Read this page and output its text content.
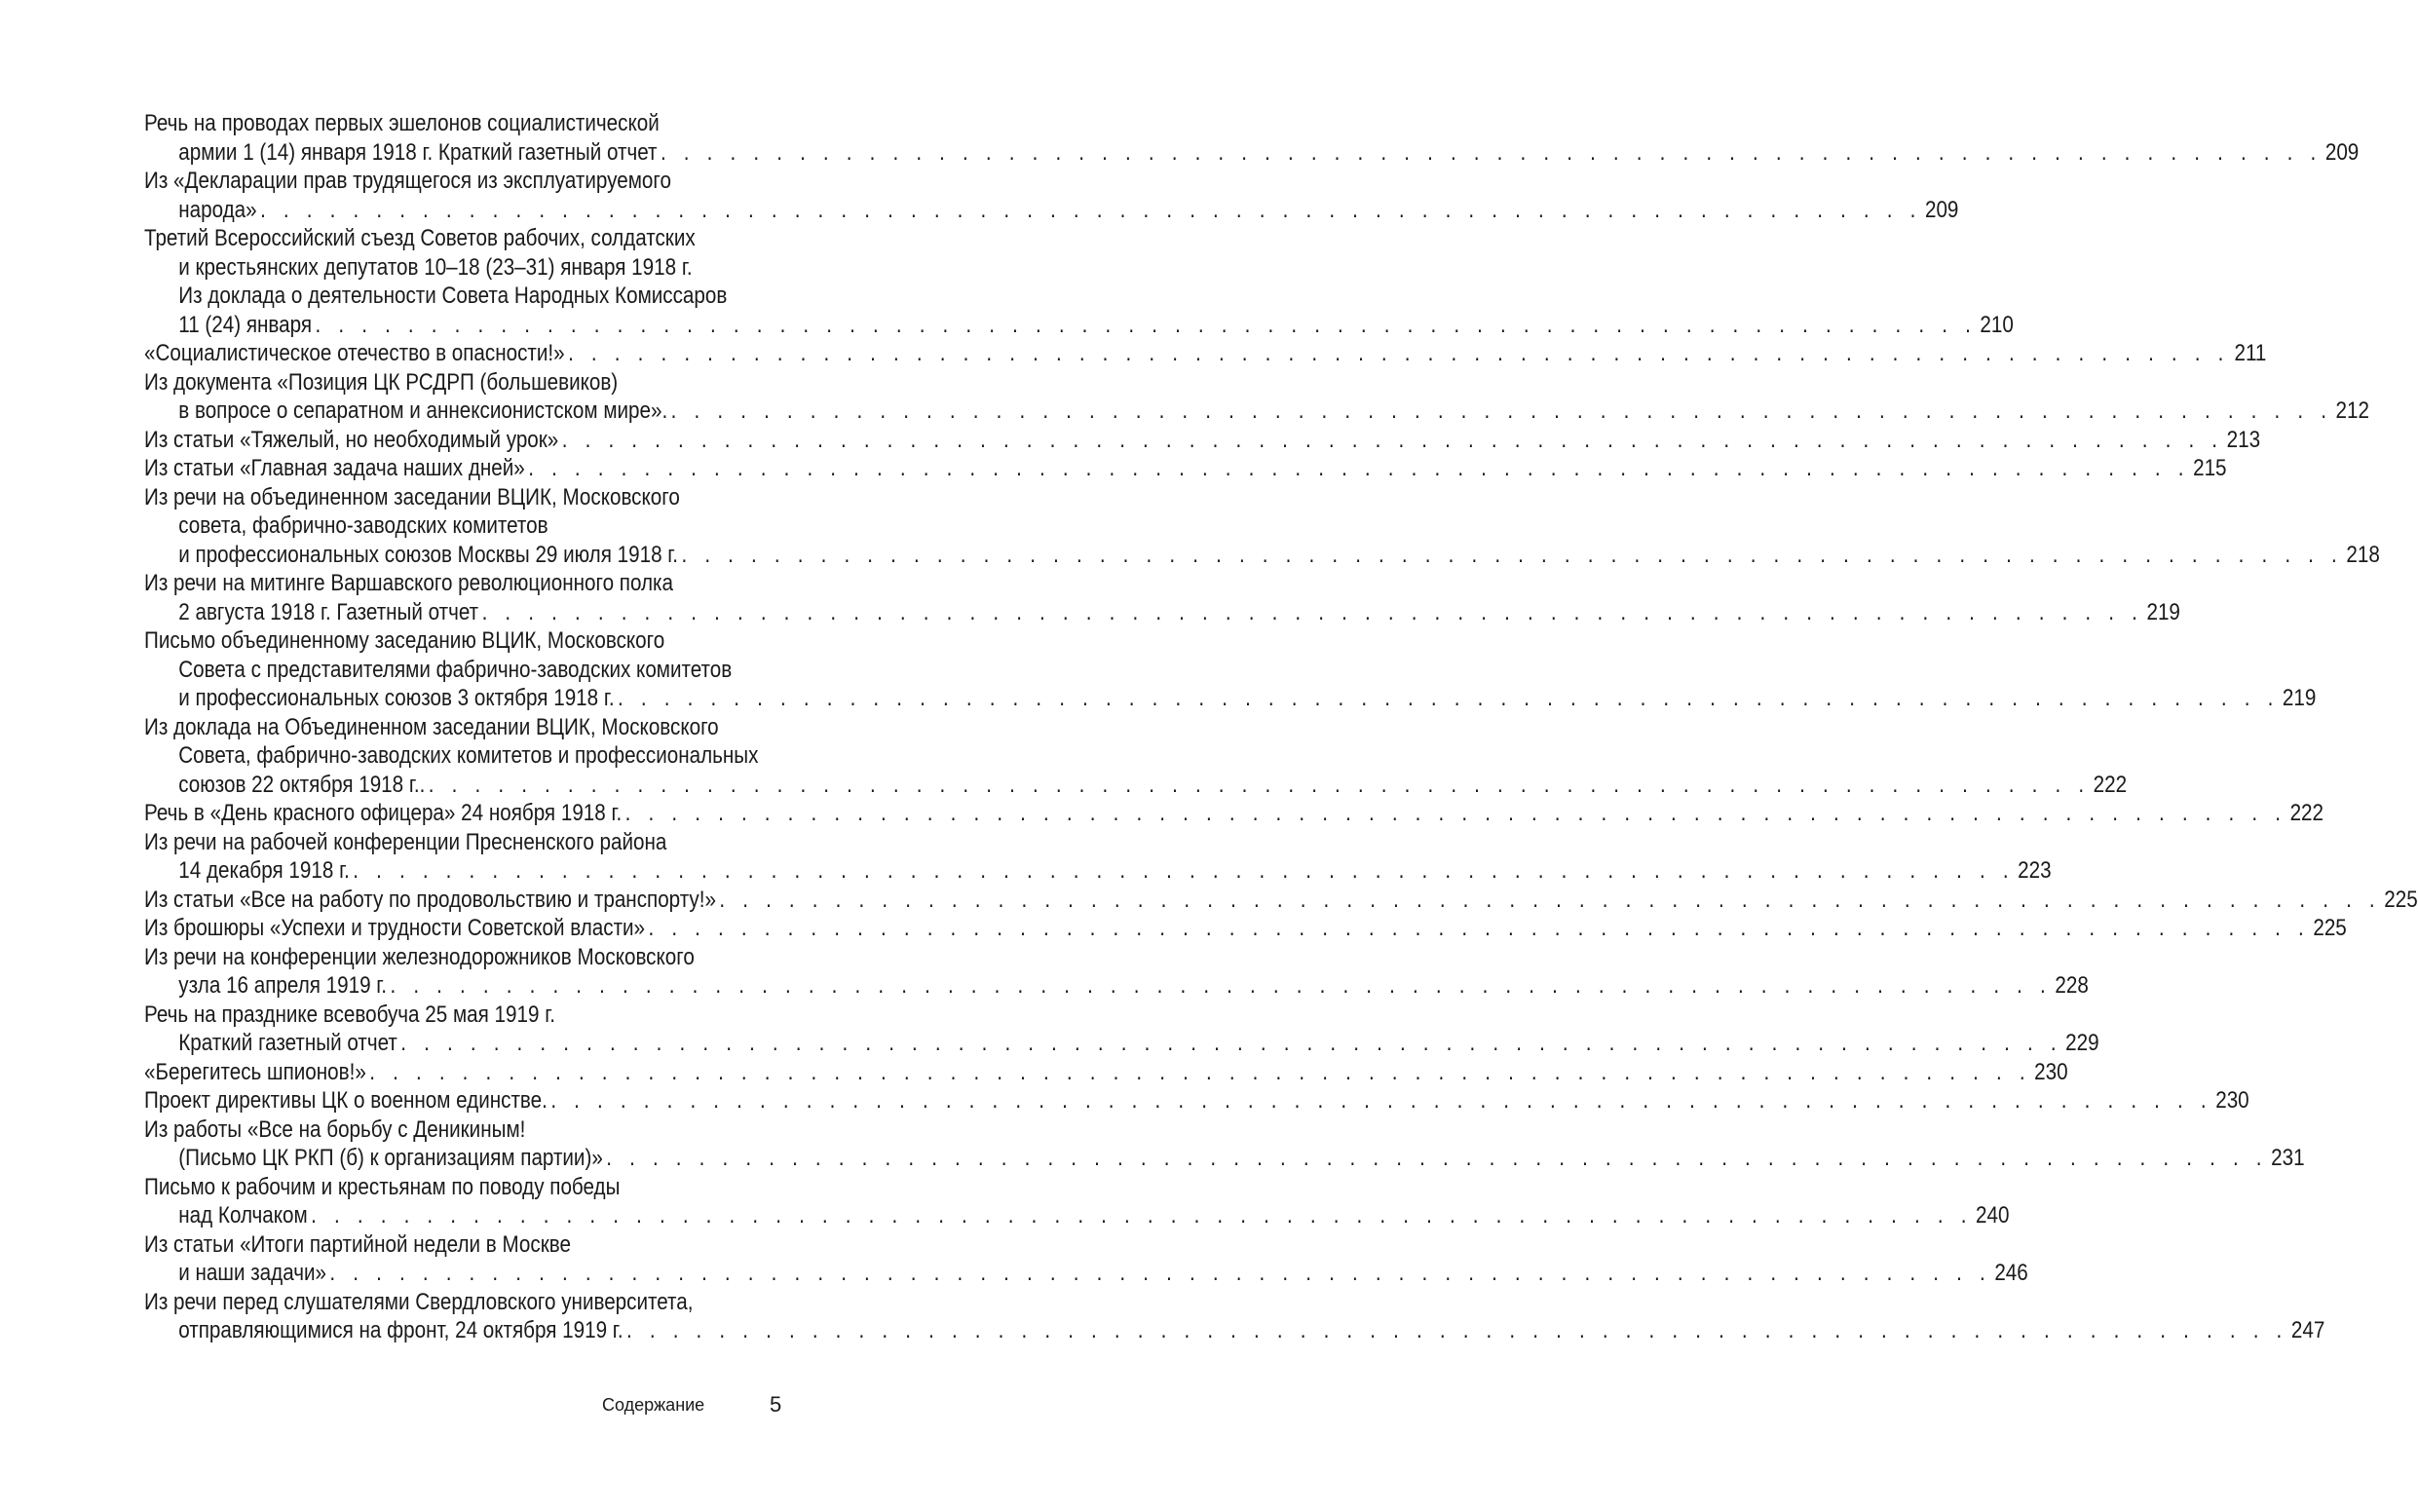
Речь на проводах первых эшелонов социалистической
армии 1 (14) января 1918 г. Краткий газетный отчет . . . . . . . . . . . . . . . . . . . . . . . . . . . . . . . . . . . . . . . . . . . . . . . . . . . . . . . . . . . . . . . . . . . . . . . . 209
Из «Декларации прав трудящегося из эксплуатируемого
народа» . . . . . . . . . . . . . . . . . . . . . . . . . . . . . . . . . . . . . . . . . . . . . . . . . . . . . . . . . . . . . . . . . . . . . . . . 209
Третий Всероссийский съезд Советов рабочих, солдатских
и крестьянских депутатов 10–18 (23–31) января 1918 г.
Из доклада о деятельности Совета Народных Комиссаров
11 (24) января . . . . . . . . . . . . . . . . . . . . . . . . . . . . . . . . . . . . . . . . . . . . . . . . . . . . . . . . . . . . . . . . . . . . . . . . 210
«Социалистическое отечество в опасности!» . . . . . . . . . . . . . . . . . . . . . . . . . . . . . . . . . . . . . . . . . . . . . . . . . . . . . . . . . . . . . . . . . . . . . . . . 211
Из документа «Позиция ЦК РСДРП (большевиков)
в вопросе о сепаратном и аннексионистском мире». . . . . . . . . . . . . . . . . . . . . . . . . . . . . . . . . . . . . . . . . . . . . . . . . . . . . . . . . . . . . . . . . . . . . . . . . 212
Из статьи «Тяжелый, но необходимый урок» . . . . . . . . . . . . . . . . . . . . . . . . . . . . . . . . . . . . . . . . . . . . . . . . . . . . . . . . . . . . . . . . . . . . . . . . 213
Из статьи «Главная задача наших дней» . . . . . . . . . . . . . . . . . . . . . . . . . . . . . . . . . . . . . . . . . . . . . . . . . . . . . . . . . . . . . . . . . . . . . . . . 215
Из речи на объединенном заседании ВЦИК, Московского
совета, фабрично-заводских комитетов
и профессиональных союзов Москвы 29 июля 1918 г. . . . . . . . . . . . . . . . . . . . . . . . . . . . . . . . . . . . . . . . . . . . . . . . . . . . . . . . . . . . . . . . . . . . . . . . . 218
Из речи на митинге Варшавского революционного полка
2 августа 1918 г. Газетный отчет . . . . . . . . . . . . . . . . . . . . . . . . . . . . . . . . . . . . . . . . . . . . . . . . . . . . . . . . . . . . . . . . . . . . . . . . 219
Письмо объединенному заседанию ВЦИК, Московского
Совета с представителями фабрично-заводских комитетов
и профессиональных союзов 3 октября 1918 г. . . . . . . . . . . . . . . . . . . . . . . . . . . . . . . . . . . . . . . . . . . . . . . . . . . . . . . . . . . . . . . . . . . . . . . . . 219
Из доклада на Объединенном заседании ВЦИК, Московского
Совета, фабрично-заводских комитетов и профессиональных
союзов 22 октября 1918 г.. . . . . . . . . . . . . . . . . . . . . . . . . . . . . . . . . . . . . . . . . . . . . . . . . . . . . . . . . . . . . . . . . . . . . . . . . 222
Речь в «День красного офицера» 24 ноября 1918 г. . . . . . . . . . . . . . . . . . . . . . . . . . . . . . . . . . . . . . . . . . . . . . . . . . . . . . . . . . . . . . . . . . . . . . . . . 222
Из речи на рабочей конференции Пресненского района
14 декабря 1918 г. . . . . . . . . . . . . . . . . . . . . . . . . . . . . . . . . . . . . . . . . . . . . . . . . . . . . . . . . . . . . . . . . . . . . . . . . 223
Из статьи «Все на работу по продовольствию и транспорту!» . . . . . . . . . . . . . . . . . . . . . . . . . . . . . . . . . . . . . . . . . . . . . . . . . . . . . . . . . . . . . . . . . . . . . . . . 225
Из брошюры «Успехи и трудности Советской власти» . . . . . . . . . . . . . . . . . . . . . . . . . . . . . . . . . . . . . . . . . . . . . . . . . . . . . . . . . . . . . . . . . . . . . . . . 225
Из речи на конференции железнодорожников Московского
узла 16 апреля 1919 г. . . . . . . . . . . . . . . . . . . . . . . . . . . . . . . . . . . . . . . . . . . . . . . . . . . . . . . . . . . . . . . . . . . . . . . . . 228
Речь на празднике всевобуча 25 мая 1919 г.
Краткий газетный отчет . . . . . . . . . . . . . . . . . . . . . . . . . . . . . . . . . . . . . . . . . . . . . . . . . . . . . . . . . . . . . . . . . . . . . . . . 229
«Берегитесь шпионов!» . . . . . . . . . . . . . . . . . . . . . . . . . . . . . . . . . . . . . . . . . . . . . . . . . . . . . . . . . . . . . . . . . . . . . . . . 230
Проект директивы ЦК о военном единстве. . . . . . . . . . . . . . . . . . . . . . . . . . . . . . . . . . . . . . . . . . . . . . . . . . . . . . . . . . . . . . . . . . . . . . . . . 230
Из работы «Все на борьбу с Деникиным!
(Письмо ЦК РКП (б) к организациям партии)» . . . . . . . . . . . . . . . . . . . . . . . . . . . . . . . . . . . . . . . . . . . . . . . . . . . . . . . . . . . . . . . . . . . . . . . . 231
Письмо к рабочим и крестьянам по поводу победы
над Колчаком . . . . . . . . . . . . . . . . . . . . . . . . . . . . . . . . . . . . . . . . . . . . . . . . . . . . . . . . . . . . . . . . . . . . . . . . 240
Из статьи «Итоги партийной недели в Москве
и наши задачи» . . . . . . . . . . . . . . . . . . . . . . . . . . . . . . . . . . . . . . . . . . . . . . . . . . . . . . . . . . . . . . . . . . . . . . . . 246
Из речи перед слушателями Свердловского университета,
отправляющимися на фронт, 24 октября 1919 г. . . . . . . . . . . . . . . . . . . . . . . . . . . . . . . . . . . . . . . . . . . . . . . . . . . . . . . . . . . . . . . . . . . . . . . . . 247
Содержание	5
